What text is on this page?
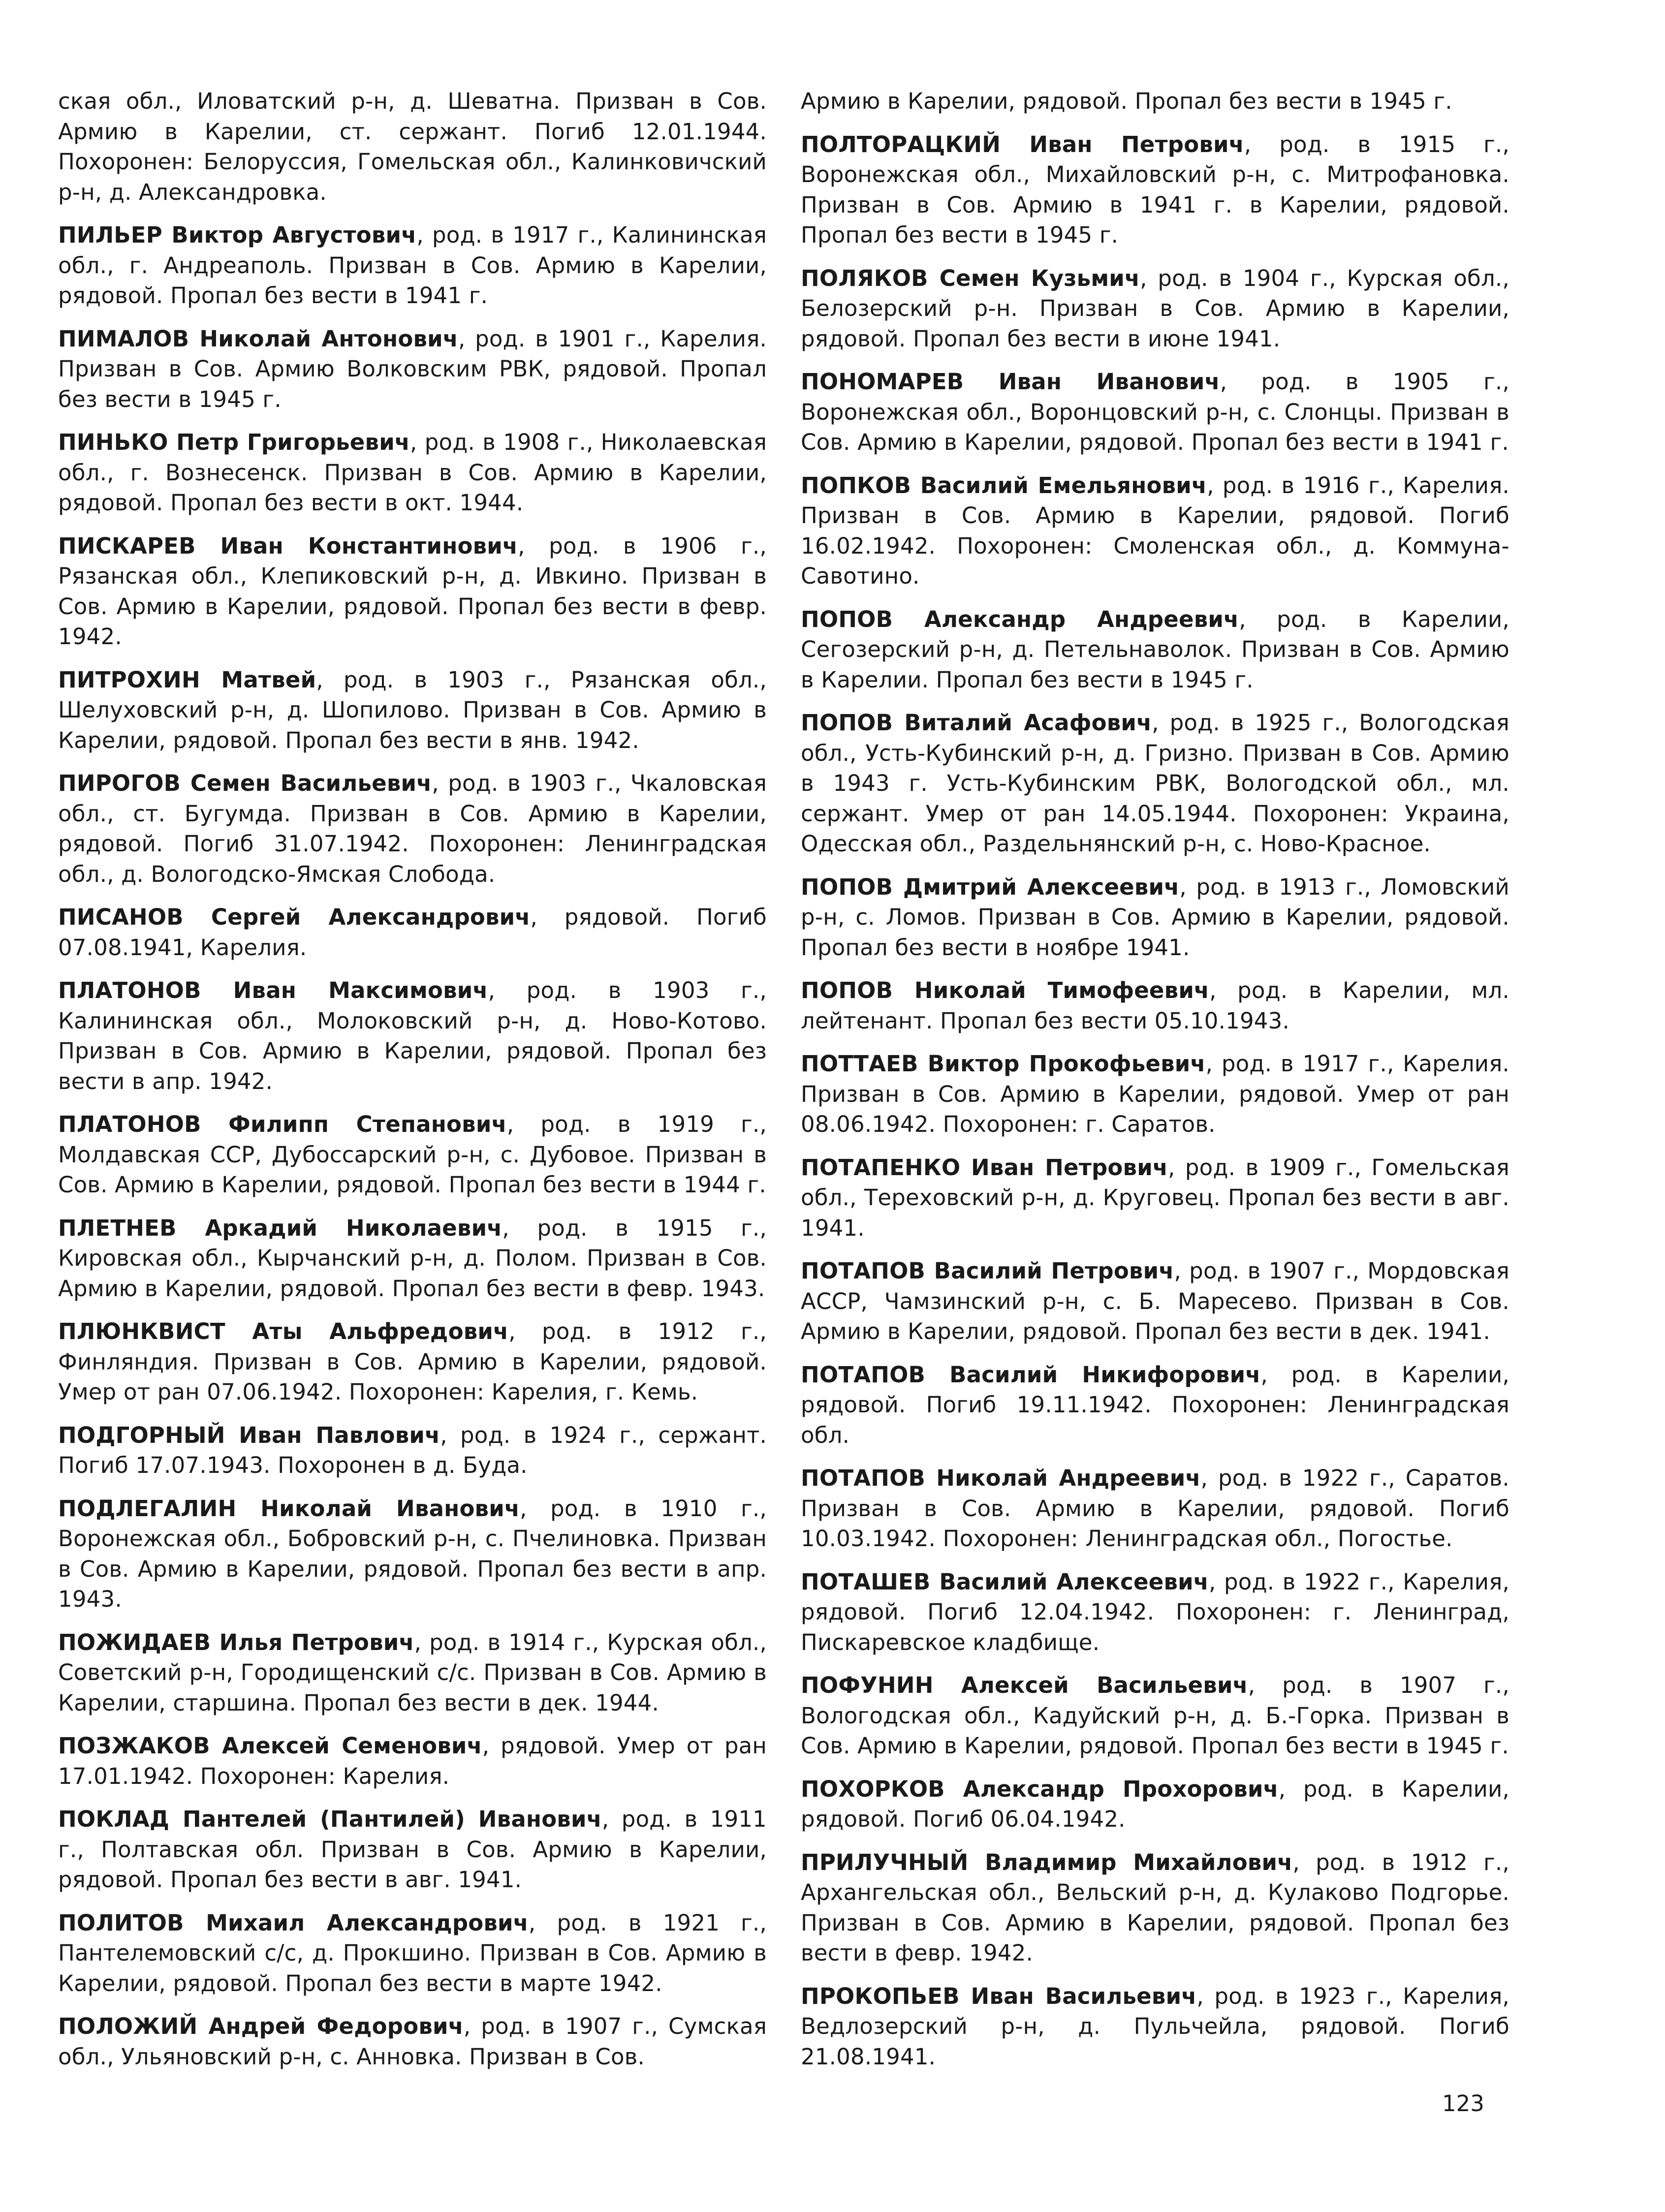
ская обл., Иловатский р-н, д. Шеватна. Призван в Сов. Армию в Карелии, ст. сержант. Погиб 12.01.1944. Похоронен: Белоруссия, Гомельская обл., Калинковичский р-н, д. Александровка.

ПИЛЬЕР Виктор Августович, род. в 1917 г., Калининская обл., г. Андреаполь. Призван в Сов. Армию в Карелии, рядовой. Пропал без вести в 1941 г.

ПИМАЛОВ Николай Антонович, род. в 1901 г., Карелия. Призван в Сов. Армию Волковским РВК, рядовой. Пропал без вести в 1945 г.

ПИНЬКО Петр Григорьевич, род. в 1908 г., Николаевская обл., г. Вознесенск. Призван в Сов. Армию в Карелии, рядовой. Пропал без вести в окт. 1944.

ПИСКАРЕВ Иван Константинович, род. в 1906 г., Рязанская обл., Клепиковский р-н, д. Ивкино. Призван в Сов. Армию в Карелии, рядовой. Пропал без вести в февр. 1942.

ПИТРОХИН Матвей, род. в 1903 г., Рязанская обл., Шелуховский р-н, д. Шопилово. Призван в Сов. Армию в Карелии, рядовой. Пропал без вести в янв. 1942.

ПИРОГОВ Семен Васильевич, род. в 1903 г., Чкаловская обл., ст. Бугумда. Призван в Сов. Армию в Карелии, рядовой. Погиб 31.07.1942. Похоронен: Ленинградская обл., д. Вологодско-Ямская Слобода.

ПИСАНОВ Сергей Александрович, рядовой. Погиб 07.08.1941, Карелия.

ПЛАТОНОВ Иван Максимович, род. в 1903 г., Калининская обл., Молоковский р-н, д. Ново-Котово. Призван в Сов. Армию в Карелии, рядовой. Пропал без вести в апр. 1942.

ПЛАТОНОВ Филипп Степанович, род. в 1919 г., Молдавская ССР, Дубоссарский р-н, с. Дубовое. Призван в Сов. Армию в Карелии, рядовой. Пропал без вести в 1944 г.

ПЛЕТНЕВ Аркадий Николаевич, род. в 1915 г., Кировская обл., Кырчанский р-н, д. Полом. Призван в Сов. Армию в Карелии, рядовой. Пропал без вести в февр. 1943.

ПЛЮНКВИСТ Аты Альфредович, род. в 1912 г., Финляндия. Призван в Сов. Армию в Карелии, рядовой. Умер от ран 07.06.1942. Похоронен: Карелия, г. Кемь.

ПОДГОРНЫЙ Иван Павлович, род. в 1924 г., сержант. Погиб 17.07.1943. Похоронен в д. Буда.

ПОДЛЕГАЛИН Николай Иванович, род. в 1910 г., Воронежская обл., Бобровский р-н, с. Пчелиновка. Призван в Сов. Армию в Карелии, рядовой. Пропал без вести в апр. 1943.

ПОЖИДАЕВ Илья Петрович, род. в 1914 г., Курская обл., Советский р-н, Городищенский с/с. Призван в Сов. Армию в Карелии, старшина. Пропал без вести в дек. 1944.

ПОЗЖАКОВ Алексей Семенович, рядовой. Умер от ран 17.01.1942. Похоронен: Карелия.

ПОКЛАД Пантелей (Пантилей) Иванович, род. в 1911 г., Полтавская обл. Призван в Сов. Армию в Карелии, рядовой. Пропал без вести в авг. 1941.

ПОЛИТОВ Михаил Александрович, род. в 1921 г., Пантелемовский с/с, д. Прокшино. Призван в Сов. Армию в Карелии, рядовой. Пропал без вести в марте 1942.

ПОЛОЖИЙ Андрей Федорович, род. в 1907 г., Сумская обл., Ульяновский р-н, с. Анновка. Призван в Сов.

Армию в Карелии, рядовой. Пропал без вести в 1945 г.

ПОЛТОРАЦКИЙ Иван Петрович, род. в 1915 г., Воронежская обл., Михайловский р-н, с. Митрофановка. Призван в Сов. Армию в 1941 г. в Карелии, рядовой. Пропал без вести в 1945 г.

ПОЛЯКОВ Семен Кузьмич, род. в 1904 г., Курская обл., Белозерский р-н. Призван в Сов. Армию в Карелии, рядовой. Пропал без вести в июне 1941.

ПОНОМАРЕВ Иван Иванович, род. в 1905 г., Воронежская обл., Воронцовский р-н, с. Слонцы. Призван в Сов. Армию в Карелии, рядовой. Пропал без вести в 1941 г.

ПОПКОВ Василий Емельянович, род. в 1916 г., Карелия. Призван в Сов. Армию в Карелии, рядовой. Погиб 16.02.1942. Похоронен: Смоленская обл., д. Коммуна-Савотино.

ПОПОВ Александр Андреевич, род. в Карелии, Сегозерский р-н, д. Петельнаволок. Призван в Сов. Армию в Карелии. Пропал без вести в 1945 г.

ПОПОВ Виталий Асафович, род. в 1925 г., Вологодская обл., Усть-Кубинский р-н, д. Гризно. Призван в Сов. Армию в 1943 г. Усть-Кубинским РВК, Вологодской обл., мл. сержант. Умер от ран 14.05.1944. Похоронен: Украина, Одесская обл., Раздельнянский р-н, с. Ново-Красное.

ПОПОВ Дмитрий Алексеевич, род. в 1913 г., Ломовский р-н, с. Ломов. Призван в Сов. Армию в Карелии, рядовой. Пропал без вести в ноябре 1941.

ПОПОВ Николай Тимофеевич, род. в Карелии, мл. лейтенант. Пропал без вести 05.10.1943.

ПОТТАЕВ Виктор Прокофьевич, род. в 1917 г., Карелия. Призван в Сов. Армию в Карелии, рядовой. Умер от ран 08.06.1942. Похоронен: г. Саратов.

ПОТАПЕНКО Иван Петрович, род. в 1909 г., Гомельская обл., Тереховский р-н, д. Круговец. Пропал без вести в авг. 1941.

ПОТАПОВ Василий Петрович, род. в 1907 г., Мордовская АССР, Чамзинский р-н, с. Б. Маресево. Призван в Сов. Армию в Карелии, рядовой. Пропал без вести в дек. 1941.

ПОТАПОВ Василий Никифорович, род. в Карелии, рядовой. Погиб 19.11.1942. Похоронен: Ленинградская обл.

ПОТАПОВ Николай Андреевич, род. в 1922 г., Саратов. Призван в Сов. Армию в Карелии, рядовой. Погиб 10.03.1942. Похоронен: Ленинградская обл., Погостье.

ПОТАШЕВ Василий Алексеевич, род. в 1922 г., Карелия, рядовой. Погиб 12.04.1942. Похоронен: г. Ленинград, Пискаревское кладбище.

ПОФУНИН Алексей Васильевич, род. в 1907 г., Вологодская обл., Кадуйский р-н, д. Б.-Горка. Призван в Сов. Армию в Карелии, рядовой. Пропал без вести в 1945 г.

ПОХОРКОВ Александр Прохорович, род. в Карелии, рядовой. Погиб 06.04.1942.

ПРИЛУЧНЫЙ Владимир Михайлович, род. в 1912 г., Архангельская обл., Вельский р-н, д. Кулаково Подгорье. Призван в Сов. Армию в Карелии, рядовой. Пропал без вести в февр. 1942.

ПРОКОПЬЕВ Иван Васильевич, род. в 1923 г., Карелия, Ведлозерский р-н, д. Пульчейла, рядовой. Погиб 21.08.1941.

123
